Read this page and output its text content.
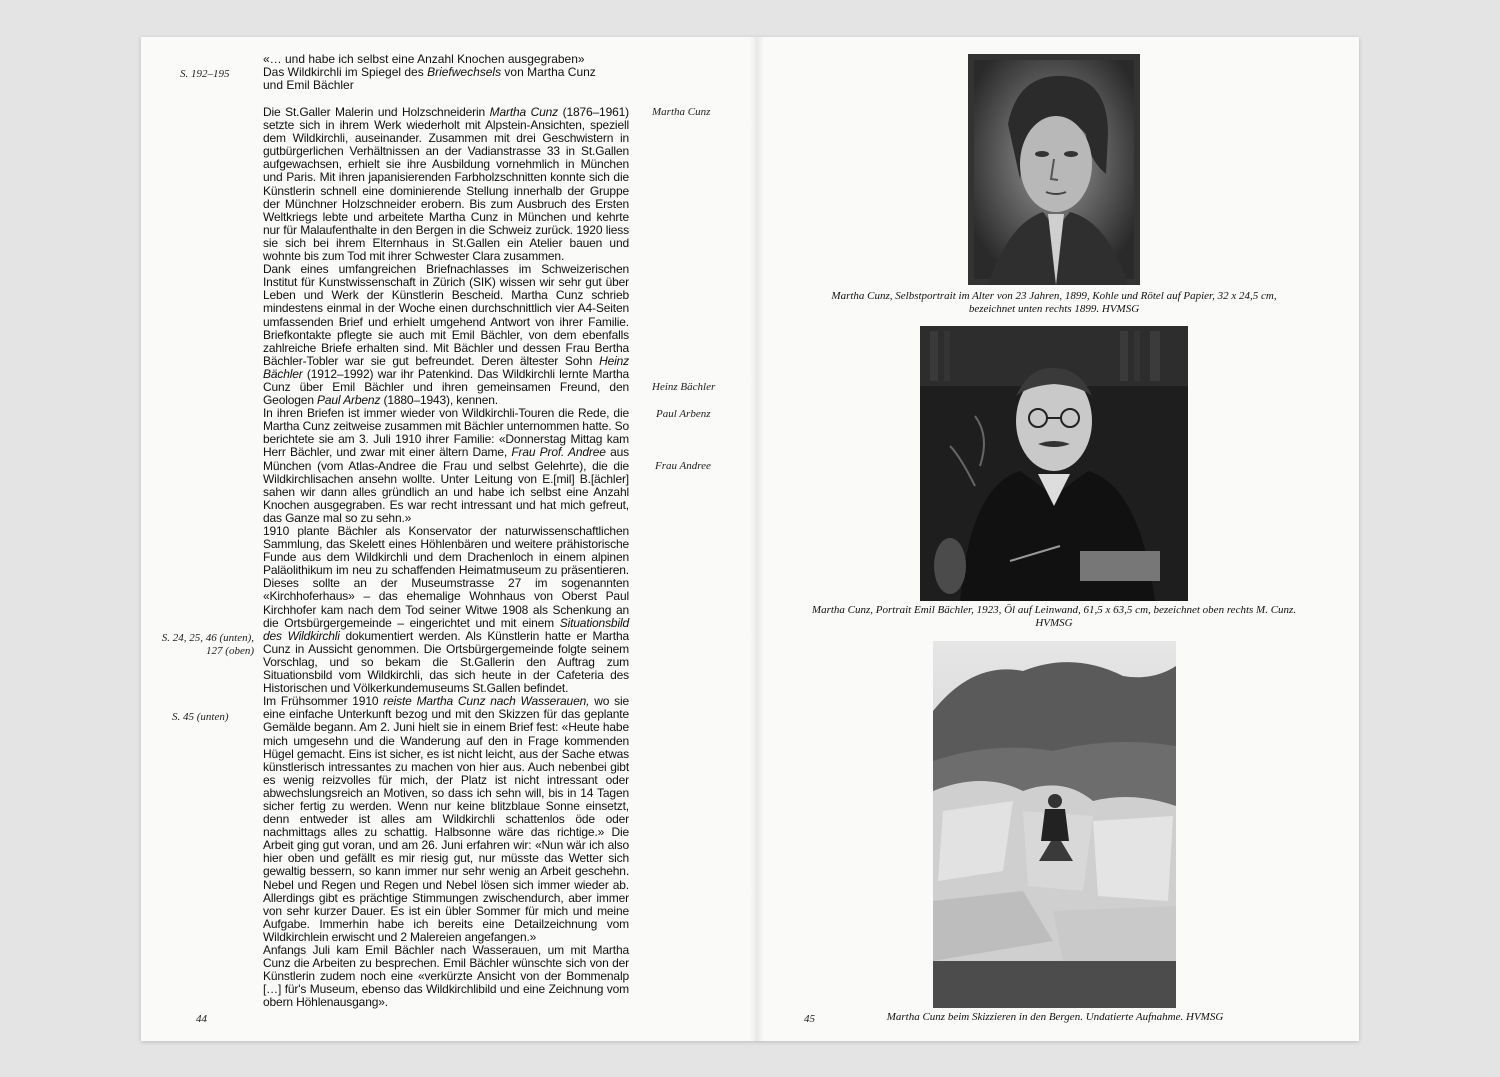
S. 192–195
«… und habe ich selbst eine Anzahl Knochen ausgegraben»
Das Wildkirchli im Spiegel des Briefwechsels von Martha Cunz
und Emil Bächler

Die St.Galler Malerin und Holzschneiderin Martha Cunz (1876–1961) setzte sich in ihrem Werk wiederholt mit Alpstein-Ansichten, speziell dem Wildkirchli, auseinander. Zusammen mit drei Geschwistern in gutbürgerlichen Verhältnissen an der Vadianstrasse 33 in St.Gallen aufgewachsen, erhielt sie ihre Ausbildung vornehmlich in München und Paris. Mit ihren japanisierenden Farbholzschnitten konnte sich die Künstlerin schnell eine dominierende Stellung innerhalb der Gruppe der Münchner Holzschneider erobern. Bis zum Ausbruch des Ersten Weltkriegs lebte und arbeitete Martha Cunz in München und kehrte nur für Malaufenthalte in den Bergen in die Schweiz zurück. 1920 liess sie sich bei ihrem Elternhaus in St.Gallen ein Atelier bauen und wohnte bis zum Tod mit ihrer Schwester Clara zusammen.

Dank eines umfangreichen Briefnachlasses im Schweizerischen Institut für Kunstwissenschaft in Zürich (SIK) wissen wir sehr gut über Leben und Werk der Künstlerin Bescheid. Martha Cunz schrieb mindestens einmal in der Woche einen durchschnittlich vier A4-Seiten umfassenden Brief und erhielt umgehend Antwort von ihrer Familie. Briefkontakte pflegte sie auch mit Emil Bächler, von dem ebenfalls zahlreiche Briefe erhalten sind. Mit Bächler und dessen Frau Bertha Bächler-Tobler war sie gut befreundet. Deren ältester Sohn Heinz Bächler (1912–1992) war ihr Patenkind. Das Wildkirchli lernte Martha Cunz über Emil Bächler und ihren gemeinsamen Freund, den Geologen Paul Arbenz (1880–1943), kennen.

In ihren Briefen ist immer wieder von Wildkirchli-Touren die Rede, die Martha Cunz zeitweise zusammen mit Bächler unternommen hatte. So berichtete sie am 3. Juli 1910 ihrer Familie: «Donnerstag Mittag kam Herr Bächler, und zwar mit einer ältern Dame, Frau Prof. Andree aus München (vom Atlas-Andree die Frau und selbst Gelehrte), die die Wildkirchlisachen ansehn wollte. Unter Leitung von E.[mil] B.[ächler] sahen wir dann alles gründlich an und habe ich selbst eine Anzahl Knochen ausgegraben. Es war recht intressant und hat mich gefreut, das Ganze mal so zu sehn.»

1910 plante Bächler als Konservator der naturwissenschaftlichen Sammlung, das Skelett eines Höhlenbären und weitere prähistorische Funde aus dem Wildkirchli und dem Drachenloch in einem alpinen Paläolithikum im neu zu schaffenden Heimatmuseum zu präsentieren. Dieses sollte an der Museumstrasse 27 im sogenannten «Kirchhoferhaus» – das ehemalige Wohnhaus von Oberst Paul Kirchhofer kam nach dem Tod seiner Witwe 1908 als Schenkung an die Ortsbürgergemeinde – eingerichtet und mit einem Situationsbild des Wildkirchli dokumentiert werden. Als Künstlerin hatte er Martha Cunz in Aussicht genommen. Die Ortsbürgergemeinde folgte seinem Vorschlag, und so bekam die St.Gallerin den Auftrag zum Situationsbild vom Wildkirchli, das sich heute in der Cafeteria des Historischen und Völkerkundemuseums St.Gallen befindet.

Im Frühsommer 1910 reiste Martha Cunz nach Wasserauen, wo sie eine einfache Unterkunft bezog und mit den Skizzen für das geplante Gemälde begann. Am 2. Juni hielt sie in einem Brief fest: «Heute habe mich umgesehn und die Wanderung auf den in Frage kommenden Hügel gemacht. Eins ist sicher, es ist nicht leicht, aus der Sache etwas künstlerisch intressantes zu machen von hier aus. Auch nebenbei gibt es wenig reizvolles für mich, der Platz ist nicht intressant oder abwechslungsreich an Motiven, so dass ich sehn will, bis in 14 Tagen sicher fertig zu werden. Wenn nur keine blitzblaue Sonne einsetzt, denn entweder ist alles am Wildkirchli schattenlos öde oder nachmittags alles zu schattig. Halbsonne wäre das richtige.» Die Arbeit ging gut voran, und am 26. Juni erfahren wir: «Nun wär ich also hier oben und gefällt es mir riesig gut, nur müsste das Wetter sich gewaltig bessern, so kann immer nur sehr wenig an Arbeit geschehn. Nebel und Regen und Regen und Nebel lösen sich immer wieder ab. Allerdings gibt es prächtige Stimmungen zwischendurch, aber immer von sehr kurzer Dauer. Es ist ein übler Sommer für mich und meine Aufgabe. Immerhin habe ich bereits eine Detailzeichnung vom Wildkirchlein erwischt und 2 Malereien angefangen.»

Anfangs Juli kam Emil Bächler nach Wasserauen, um mit Martha Cunz die Arbeiten zu besprechen. Emil Bächler wünschte sich von der Künstlerin zudem noch eine «verkürzte Ansicht von der Bommenalp […] für's Museum, ebenso das Wildkirchlibild und eine Zeichnung vom obern Höhlenausgang».

S. 24, 25, 46 (unten),
127 (oben)
S. 45 (unten)
44
Martha Cunz
Heinz Bächler
Paul Arbenz
Frau Andree
Martha Cunz, Selbstportrait im Alter von 23 Jahren, 1899, Kohle und Rötel auf Papier, 32 x 24,5 cm,
bezeichnet unten rechts 1899. HVMSG
Martha Cunz, Portrait Emil Bächler, 1923, Öl auf Leinwand, 61,5 x 63,5 cm, bezeichnet oben rechts M. Cunz.
HVMSG
Martha Cunz beim Skizzieren in den Bergen. Undatierte Aufnahme. HVMSG
45
